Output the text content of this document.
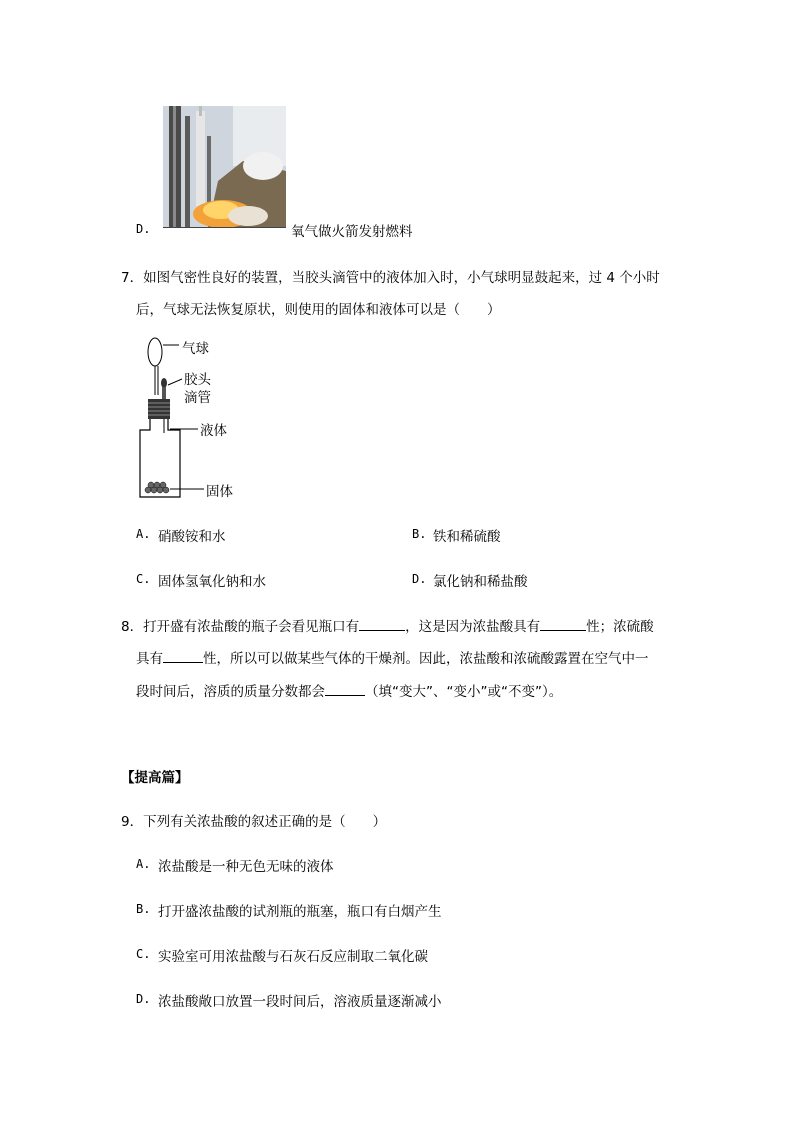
D.	氧气做火箭发射燃料
7．如图气密性良好的装置，当胶头滴管中的液体加入时，小气球明显鼓起来，过 4 个小时
后，气球无法恢复原状，则使用的固体和液体可以是（　　）
气球
胶头
滴管
液体
固体
A. 硝酸铵和水	B. 铁和稀硫酸
C. 固体氢氧化钠和水	D. 氯化钠和稀盐酸
8．打开盛有浓盐酸的瓶子会看见瓶口有	，这是因为浓盐酸具有	性；浓硫酸
具有	性，所以可以做某些气体的干燥剂。因此，浓盐酸和浓硫酸露置在空气中一
段时间后，溶质的质量分数都会	（填“变大”、“变小”或“不变”）。
【提高篇】
9．下列有关浓盐酸的叙述正确的是（　　）
A. 浓盐酸是一种无色无味的液体
B. 打开盛浓盐酸的试剂瓶的瓶塞，瓶口有白烟产生
C. 实验室可用浓盐酸与石灰石反应制取二氧化碳
D. 浓盐酸敞口放置一段时间后，溶液质量逐渐减小
